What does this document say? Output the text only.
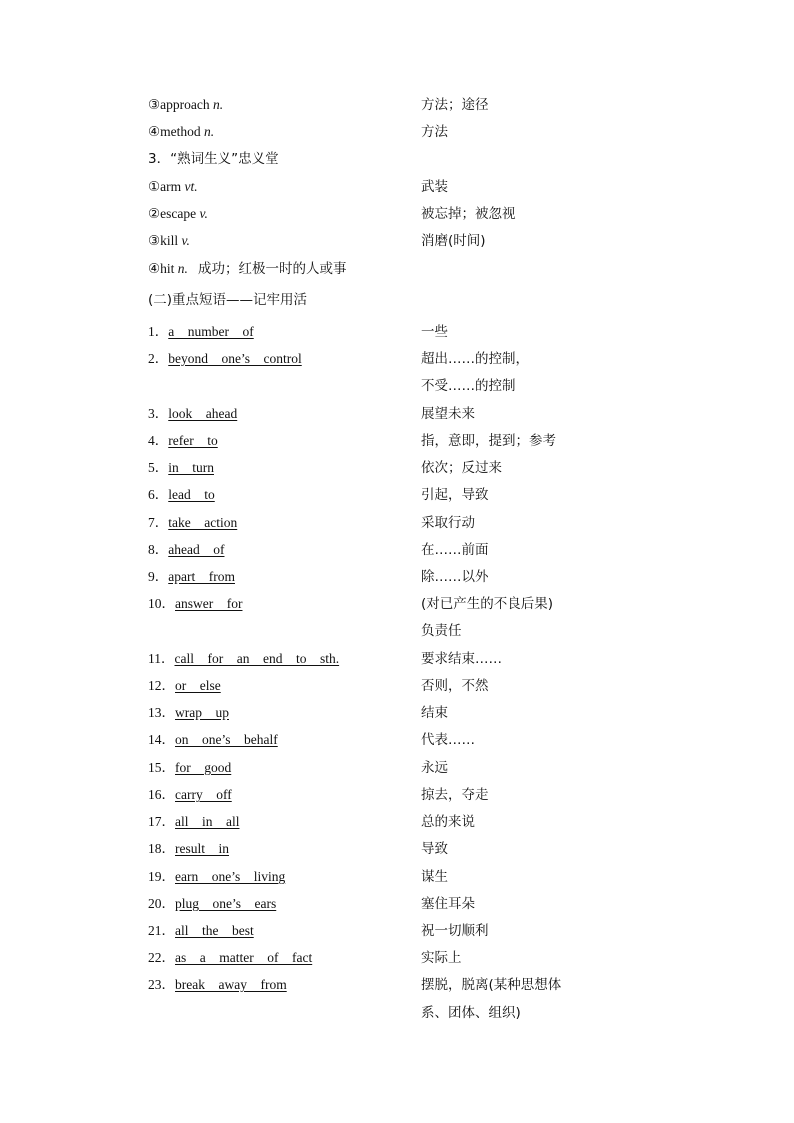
③approach n.	方法；途径
④method n.	方法
3．“熟词生义”忠义堂
①arm vt.	武装
②escape v.	被忘掉；被忽视
③kill v.	消磨(时间)
④hit n. 成功；红极一时的人或事
(二)重点短语——记牢用活
1．a    number    of	一些
2．beyond    one’s    control	超出……的控制，
不受……的控制
3．look    ahead	展望未来
4．refer    to	指，意即，提到；参考
5．in    turn	依次；反过来
6．lead    to	引起，导致
7．take    action	采取行动
8．ahead    of	在……前面
9．apart    from	除……以外
10．answer    for	(对已产生的不良后果)
负责任
11．call    for    an    end    to    sth.	要求结束……
12．or    else	否则，不然
13．wrap    up	结束
14．on    one’s    behalf	代表……
15．for    good	永远
16．carry    off	掠去，夺走
17．all    in    all	总的来说
18．result    in	导致
19．earn    one’s    living	谋生
20．plug    one’s    ears	塞住耳朵
21．all    the    best	祝一切顺利
22．as    a    matter    of    fact	实际上
23．break    away    from	摆脱，脱离(某种思想体
系、团体、组织)
